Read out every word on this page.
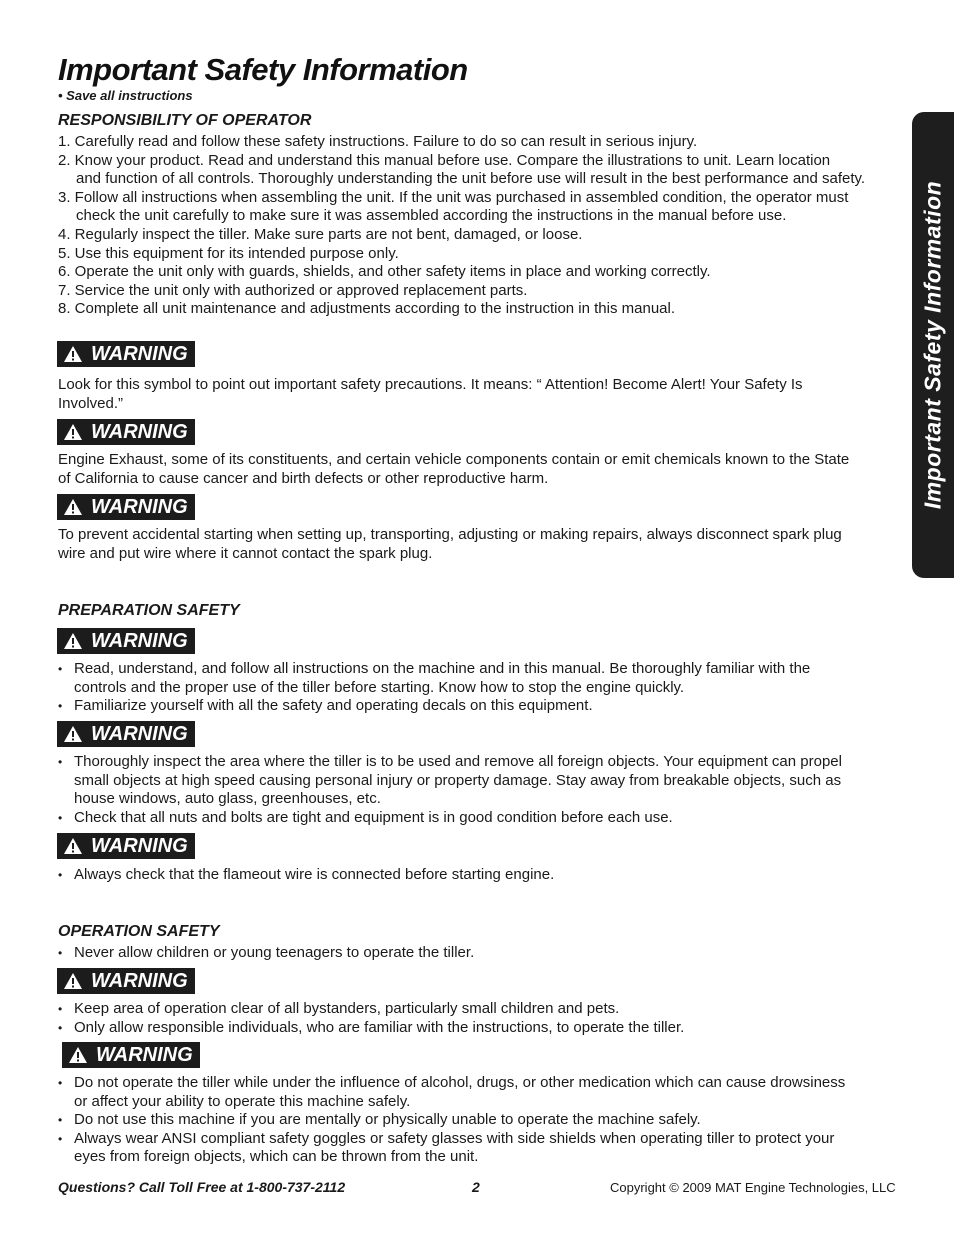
Important Safety Information
• Save all instructions
Important Safety Information
RESPONSIBILITY OF OPERATOR
1. Carefully read and follow these safety instructions. Failure to do so can result in serious injury.
2. Know your product. Read and understand this manual before use. Compare the illustrations to unit. Learn location
and function of all controls. Thoroughly understanding the unit before use will result in the best performance and safety.
3. Follow all instructions when assembling the unit. If the unit was purchased in assembled condition, the operator must
check the unit carefully to make sure it was assembled according the instructions in the manual before use.
4. Regularly inspect the tiller. Make sure parts are not bent, damaged, or loose.
5. Use this equipment for its intended purpose only.
6. Operate the unit only with guards, shields, and other safety items in place and working correctly.
7. Service the unit only with authorized or approved replacement parts.
8. Complete all unit maintenance and adjustments according to the instruction in this manual.
WARNING
Look for this symbol to point out important safety precautions. It means: “ Attention! Become Alert! Your Safety Is
Involved.”
WARNING
Engine Exhaust, some of its constituents, and certain vehicle components contain or emit chemicals known to the State
of California to cause cancer and birth defects or other reproductive harm.
WARNING
To prevent accidental starting when setting up, transporting, adjusting or making repairs, always disconnect spark plug
wire and put wire where it cannot contact the spark plug.
PREPARATION SAFETY
WARNING
• Read, understand, and follow all instructions on the machine and in this manual. Be thoroughly familiar with the
controls and the proper use of the tiller before starting. Know how to stop the engine quickly.
• Familiarize yourself with all the safety and operating decals on this equipment.
WARNING
• Thoroughly inspect the area where the tiller is to be used and remove all foreign objects. Your equipment can propel
small objects at high speed causing personal injury or property damage. Stay away from breakable objects, such as
house windows, auto glass, greenhouses, etc.
• Check that all nuts and bolts are tight and equipment is in good condition before each use.
WARNING
• Always check that the flameout wire is connected before starting engine.
OPERATION SAFETY
• Never allow children or young teenagers to operate the tiller.
WARNING
• Keep area of operation clear of all bystanders, particularly small children and pets.
• Only allow responsible individuals, who are familiar with the instructions, to operate the tiller.
WARNING
• Do not operate the tiller while under the influence of alcohol, drugs, or other medication which can cause drowsiness
or affect your ability to operate this machine safely.
• Do not use this machine if you are mentally or physically unable to operate the machine safely.
• Always wear ANSI compliant safety goggles or safety glasses with side shields when operating tiller to protect your
eyes from foreign objects, which can be thrown from the unit.
Questions? Call Toll Free at 1-800-737-2112	2	Copyright © 2009 MAT Engine Technologies, LLC
